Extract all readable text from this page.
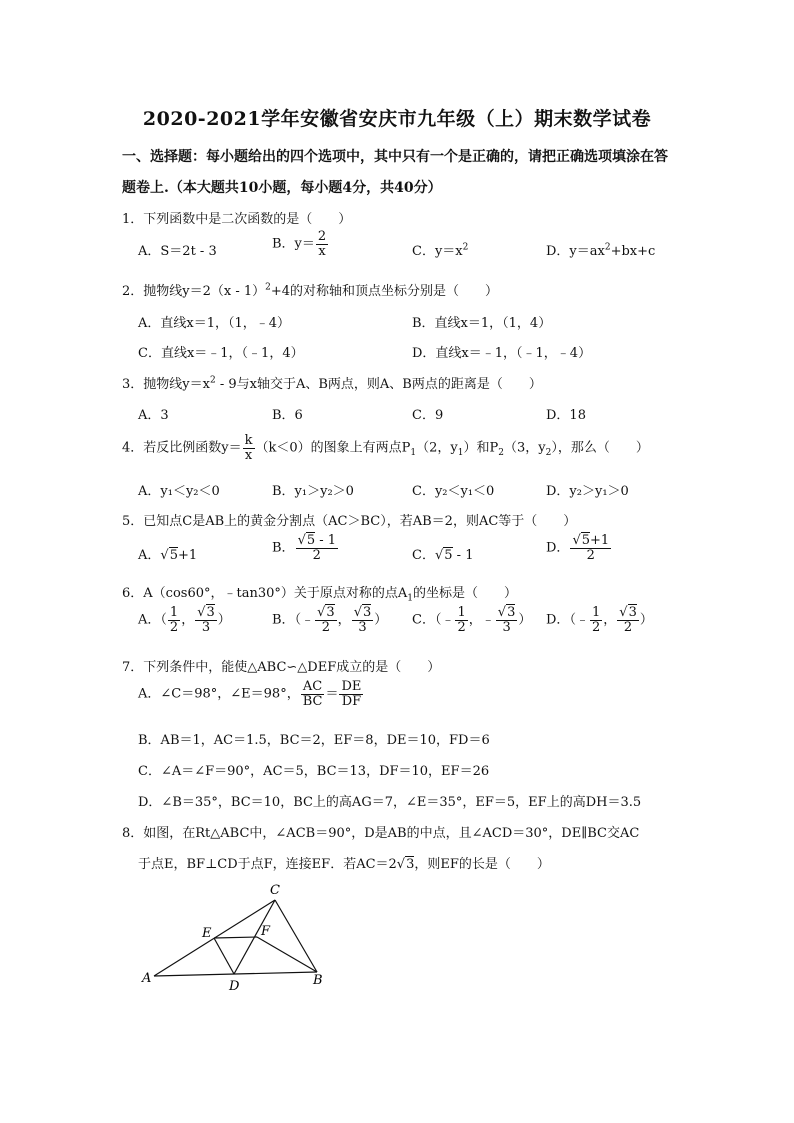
2020-2021学年安徽省安庆市九年级（上）期末数学试卷
一、选择题：每小题给出的四个选项中，其中只有一个是正确的，请把正确选项填涂在答
题卷上.（本大题共10小题，每小题4分，共40分）
1．下列函数中是二次函数的是（　　）
A．S＝2t - 3	B．$y= \frac{2}{x}$	C．$y=x^2$	D．$y=ax^2+bx+c$
2．抛物线y＝2（x - 1）$^2$+4的对称轴和顶点坐标分别是（　　）
A．直线x＝1，（1，﹣4）	B．直线x＝1，（1，4）
C．直线x＝﹣1，（﹣1，4）	D．直线x＝﹣1，（﹣1，﹣4）
3．抛物线$y=x^2 - 9$与x轴交于A、B两点，则A、B两点的距离是（　　）
A．3	B．6	C．9	D．18
4．若反比例函数$y= \frac{k}{x} (k<0)$的图象上有两点$P_1(2$，$y_1$）和$P_2(3$，$y_2$），那么（　　）
A．y₁＜y₂＜0	B．y₁＞y₂＞0	C．y₂＜y₁＜0	D．y₂＞y₁＞0
5．已知点C是AB上的黄金分割点（AC＞BC），若AB＝2，则AC等于（　　）
A．√5+1	B． $\frac{√5 - 1}{2}$	C．√5 - 1	D． $\frac{√5+1}{2}$
6．A（cos60°，﹣tan30°）关于原点对称的点$A_1$的坐标是（　　）
A．（ $\frac{1}{2}$ ， $\frac{√3}{3}$ ）	B．（﹣ $\frac{√3}{2}$ ， $\frac{√3}{3}$ ） C．（﹣ $\frac{1}{2}$ ，﹣ $\frac{√3}{3}$ ） D．（﹣ $\frac{1}{2}$ ， $\frac{√3}{2}$ ）
7．下列条件中，能使△ABC∽△DEF成立的是（　　）
A．∠C＝98°，∠E＝98°， $\frac{AC}{BC} = \frac{DE}{DF}$
B．AB＝1，AC＝1.5，BC＝2，EF＝8，DE＝10，FD＝6
C．∠A＝∠F＝90°，AC＝5，BC＝13，DF＝10，EF＝26
D．∠B＝35°，BC＝10，BC上的高AG＝7，∠E＝35°，EF＝5，EF上的高DH＝3.5
8．如图，在Rt△ABC中，∠ACB＝90°，D是AB的中点，且∠ACD＝30°，DE∥BC交AC
于点E，BF⊥CD于点F，连接EF．若AC＝2√3，则EF的长是（　　）
A	B
C
D
E	F
